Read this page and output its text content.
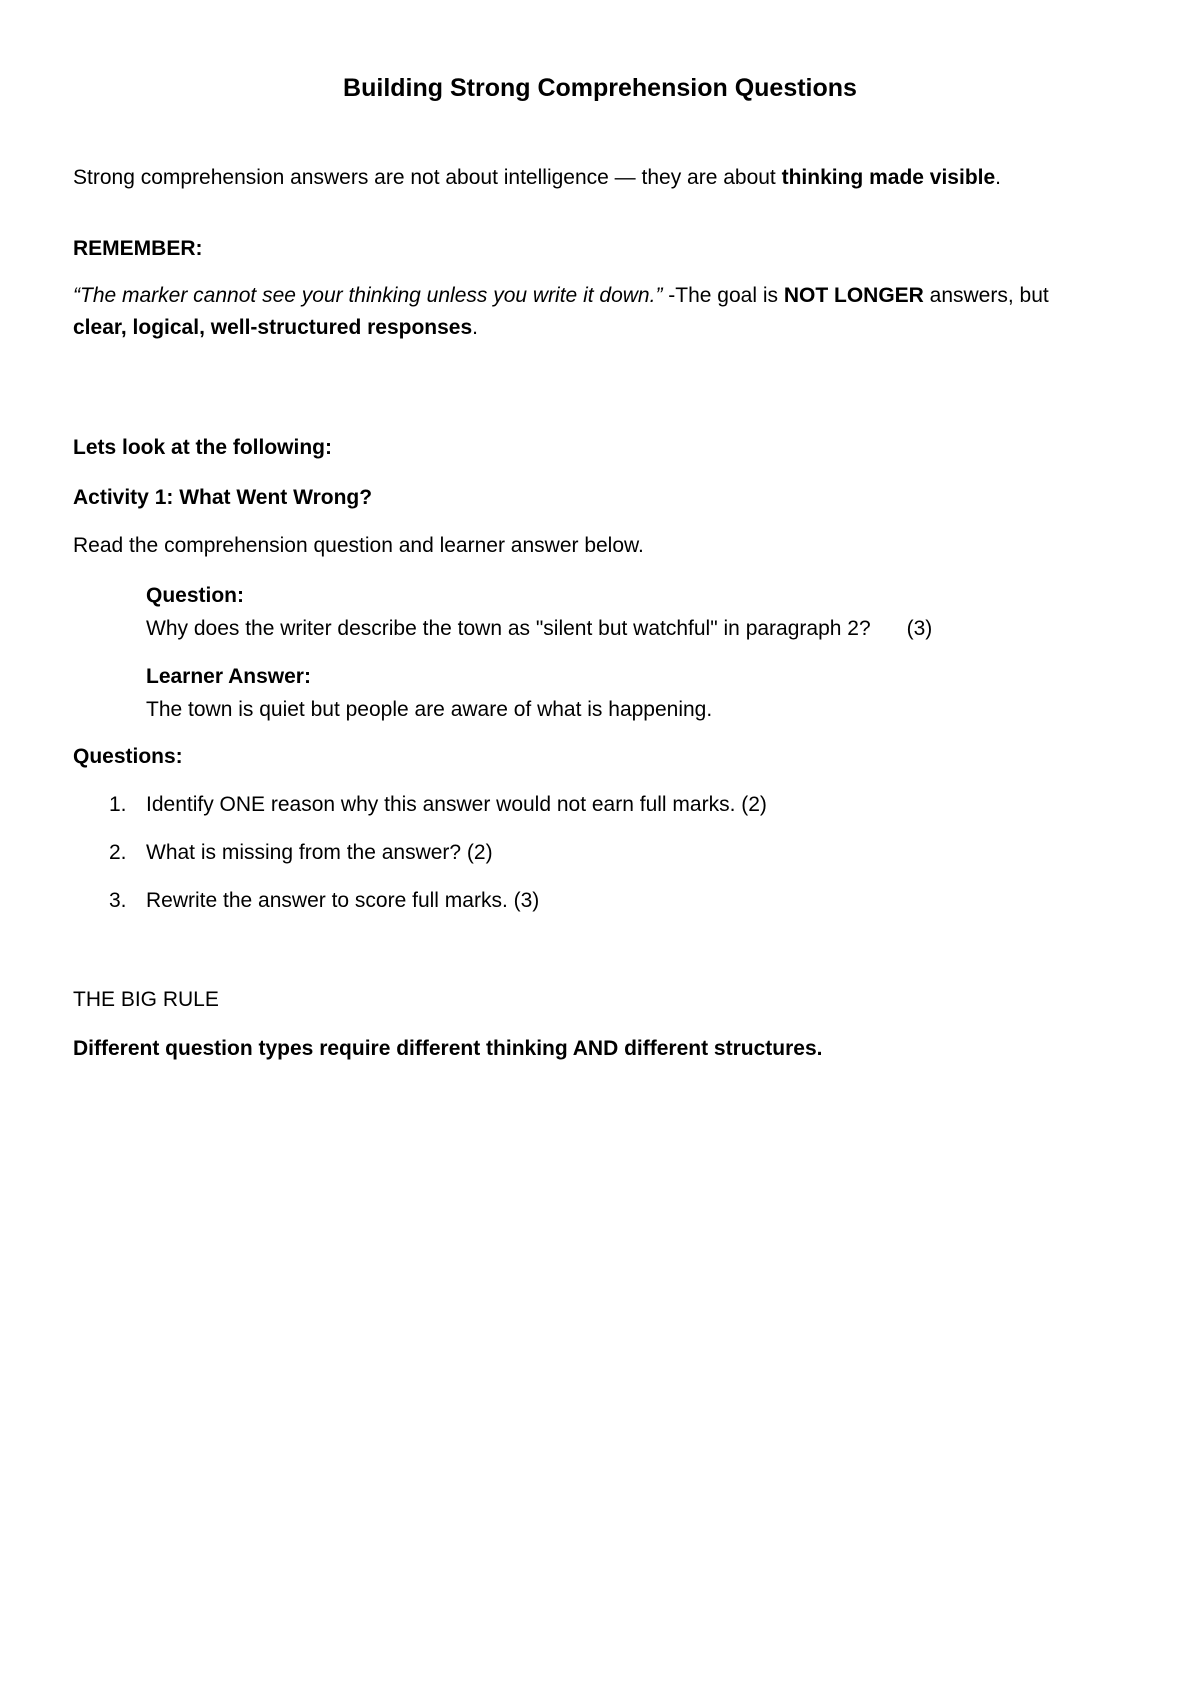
Building Strong Comprehension Questions

Strong comprehension answers are not about intelligence — they are about thinking made visible.

REMEMBER:

“The marker cannot see your thinking unless you write it down.” -The goal is NOT LONGER answers, but clear, logical, well-structured responses.

Lets look at the following:
Activity 1: What Went Wrong?
Read the comprehension question and learner answer below.
Question:
Why does the writer describe the town as "silent but watchful" in paragraph 2? (3)
Learner Answer:
The town is quiet but people are aware of what is happening.
Questions:
1. Identify ONE reason why this answer would not earn full marks. (2)
2. What is missing from the answer? (2)
3. Rewrite the answer to score full marks. (3)
THE BIG RULE
Different question types require different thinking AND different structures.
